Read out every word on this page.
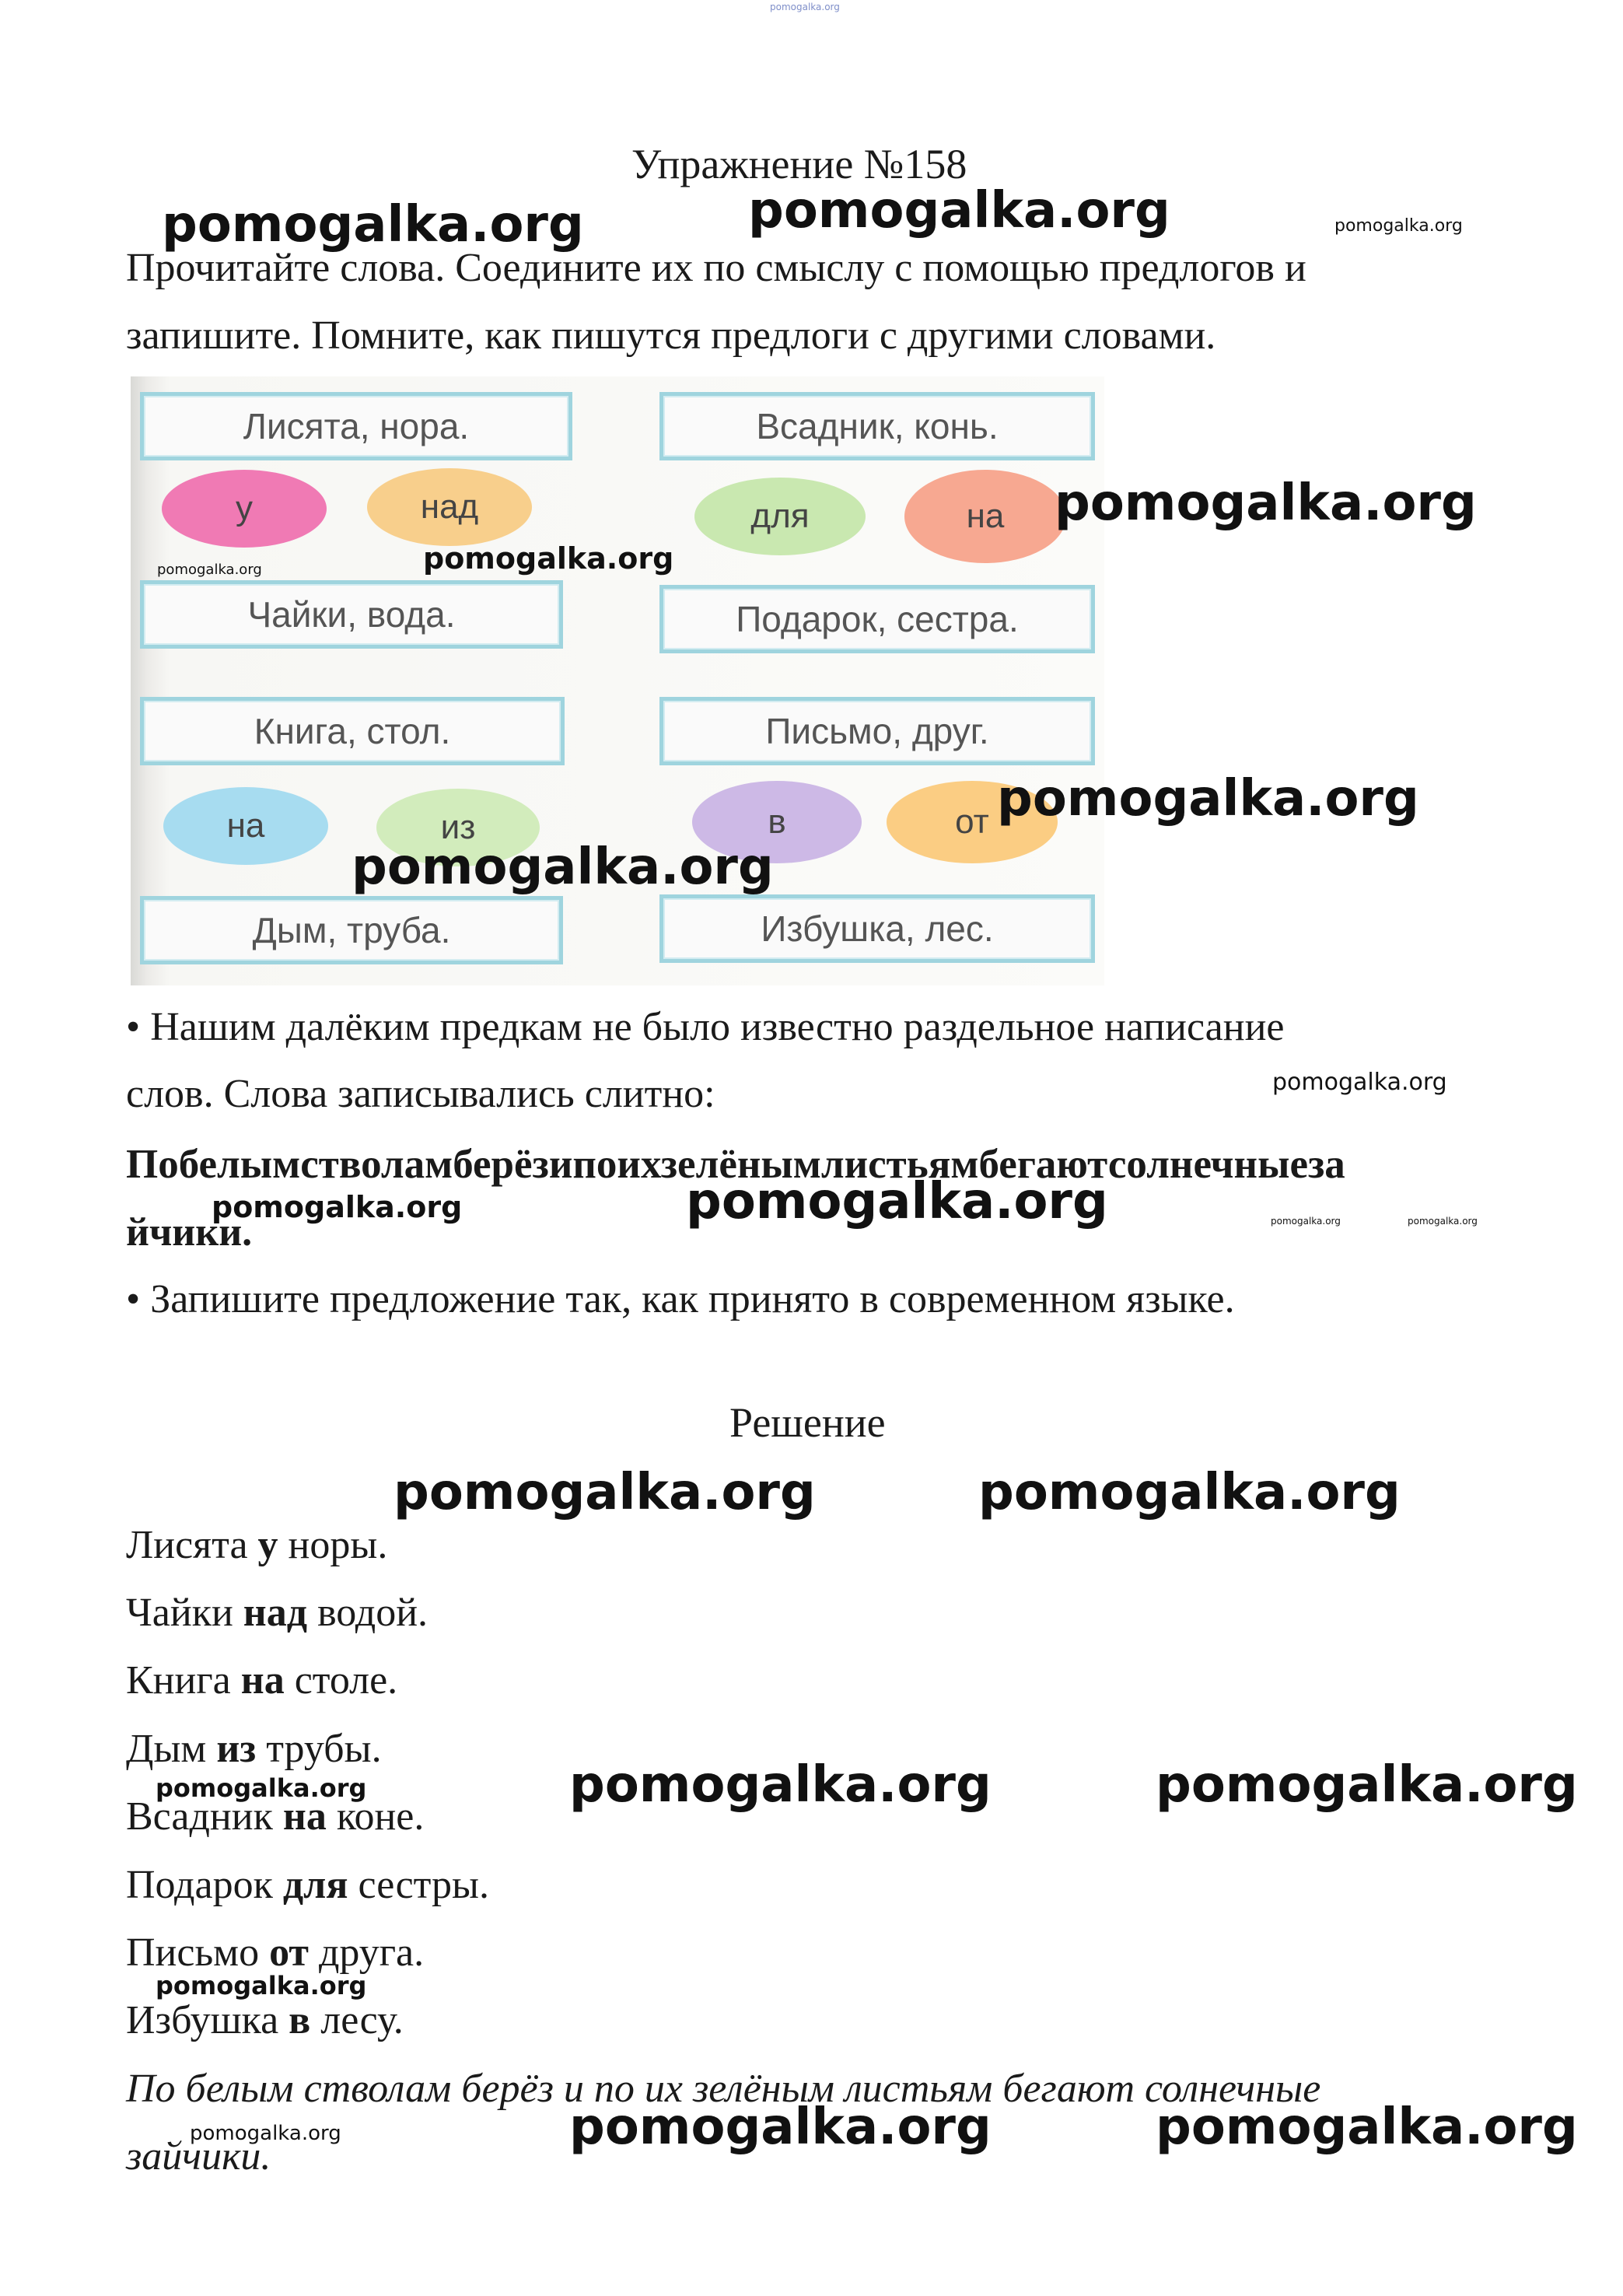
pomogalka.org
Упражнение №158
pomogalka.org	pomogalka.org	pomogalka.org
Прочитайте слова. Соедините их по смыслу с помощью предлогов и
запишите. Помните, как пишутся предлоги с другими словами.
Лисята, нора.	Всадник, конь.
у	над	для	на
Чайки, вода.	Подарок, сестра.
Книга, стол.	Письмо, друг.
на	из	в	от
Дым, труба.	Избушка, лес.
pomogalka.org
pomogalka.org	pomogalka.org
pomogalka.org
pomogalka.org
• Нашим далёким предкам не было известно раздельное написание
слов. Слова записывались слитно:	pomogalka.org
Побелымстволамберёзипоихзелёнымлистьямбегаютсолнечныеза
йчики.
pomogalka.org	pomogalka.org	pomogalka.org	pomogalka.org
• Запишите предложение так, как принято в современном языке.
Решение
pomogalka.org	pomogalka.org
Лисята у норы.
Чайки над водой.
Книга на столе.
Дым из трубы.
pomogalka.org	pomogalka.org	pomogalka.org
Всадник на коне.
Подарок для сестры.
Письмо от друга.
pomogalka.org
Избушка в лесу.
По белым стволам берёз и по их зелёным листьям бегают солнечные
pomogalka.org	pomogalka.org	pomogalka.org
зайчики.
